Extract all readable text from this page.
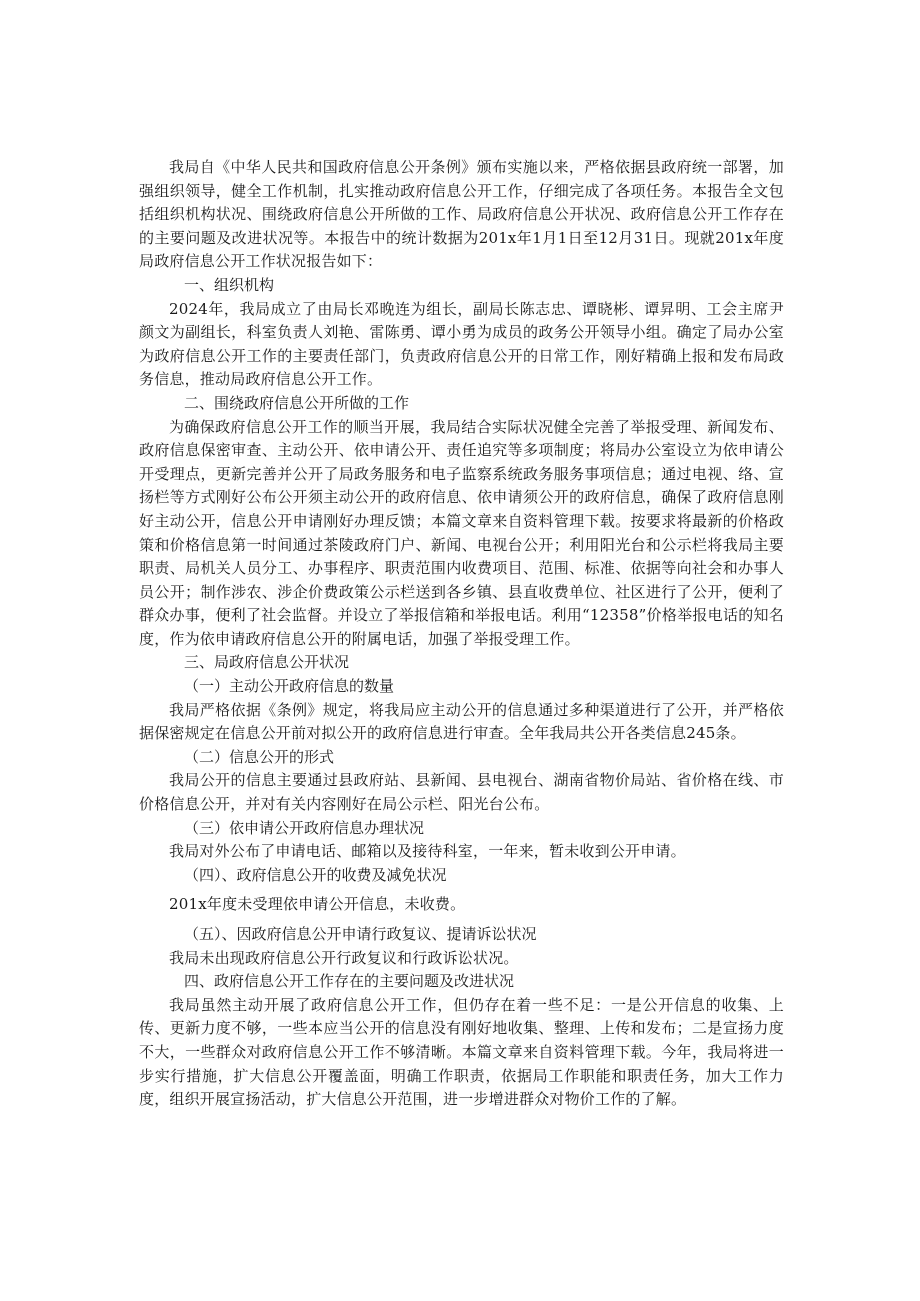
我局自《中华人民共和国政府信息公开条例》颁布实施以来，严格依据县政府统一部署，加强组织领导，健全工作机制，扎实推动政府信息公开工作，仔细完成了各项任务。本报告全文包括组织机构状况、围绕政府信息公开所做的工作、局政府信息公开状况、政府信息公开工作存在的主要问题及改进状况等。本报告中的统计数据为201x年1月1日至12月31日。现就201x年度局政府信息公开工作状况报告如下：

一、组织机构

2024年，我局成立了由局长邓晚连为组长，副局长陈志忠、谭晓彬、谭昇明、工会主席尹颜文为副组长，科室负责人刘艳、雷陈勇、谭小勇为成员的政务公开领导小组。确定了局办公室为政府信息公开工作的主要责任部门，负责政府信息公开的日常工作，刚好精确上报和发布局政务信息，推动局政府信息公开工作。

二、围绕政府信息公开所做的工作

为确保政府信息公开工作的顺当开展，我局结合实际状况健全完善了举报受理、新闻发布、政府信息保密审查、主动公开、依申请公开、责任追究等多项制度；将局办公室设立为依申请公开受理点，更新完善并公开了局政务服务和电子监察系统政务服务事项信息；通过电视、络、宣扬栏等方式刚好公布公开须主动公开的政府信息、依申请须公开的政府信息，确保了政府信息刚好主动公开，信息公开申请刚好办理反馈；本篇文章来自资料管理下载。按要求将最新的价格政策和价格信息第一时间通过茶陵政府门户、新闻、电视台公开；利用阳光台和公示栏将我局主要职责、局机关人员分工、办事程序、职责范围内收费项目、范围、标准、依据等向社会和办事人员公开；制作涉农、涉企价费政策公示栏送到各乡镇、县直收费单位、社区进行了公开，便利了群众办事，便利了社会监督。并设立了举报信箱和举报电话。利用“12358”价格举报电话的知名度，作为依申请政府信息公开的附属电话，加强了举报受理工作。

三、局政府信息公开状况

（一）主动公开政府信息的数量

我局严格依据《条例》规定，将我局应主动公开的信息通过多种渠道进行了公开，并严格依据保密规定在信息公开前对拟公开的政府信息进行审查。全年我局共公开各类信息245条。

（二）信息公开的形式

我局公开的信息主要通过县政府站、县新闻、县电视台、湖南省物价局站、省价格在线、市价格信息公开，并对有关内容刚好在局公示栏、阳光台公布。

（三）依申请公开政府信息办理状况

我局对外公布了申请电话、邮箱以及接待科室，一年来，暂未收到公开申请。

（四）、政府信息公开的收费及减免状况

201x年度未受理依申请公开信息，未收费。

（五）、因政府信息公开申请行政复议、提请诉讼状况

我局未出现政府信息公开行政复议和行政诉讼状况。

四、政府信息公开工作存在的主要问题及改进状况

我局虽然主动开展了政府信息公开工作，但仍存在着一些不足：一是公开信息的收集、上传、更新力度不够，一些本应当公开的信息没有刚好地收集、整理、上传和发布；二是宣扬力度不大，一些群众对政府信息公开工作不够清晰。本篇文章来自资料管理下载。今年，我局将进一步实行措施，扩大信息公开覆盖面，明确工作职责，依据局工作职能和职责任务，加大工作力度，组织开展宣扬活动，扩大信息公开范围，进一步增进群众对物价工作的了解。
